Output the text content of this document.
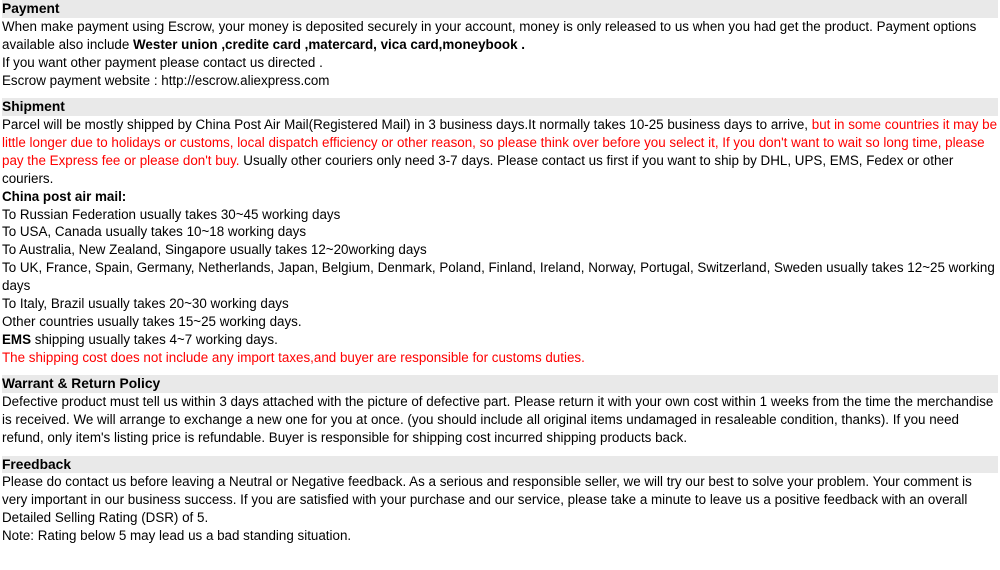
Payment

When make payment using Escrow, your money is deposited securely in your account, money is only released to us when you had get the product. Payment options available also include Wester union ,credite card ,matercard, vica card,moneybook .

If you want other payment please contact us directed .

Escrow payment website : http://escrow.aliexpress.com

Shipment

Parcel will be mostly shipped by China Post Air Mail(Registered Mail) in 3 business days.It normally takes 10-25 business days to arrive, but in some countries it may be little longer due to holidays or customs, local dispatch efficiency or other reason, so please think over before you select it, If you don't want to wait so long time, please pay the Express fee or please don't buy. Usually other couriers only need 3-7 days. Please contact us first if you want to ship by DHL, UPS, EMS, Fedex or other couriers.

China post air mail:

To Russian Federation usually takes 30~45 working days

To USA, Canada usually takes 10~18 working days

To Australia, New Zealand, Singapore usually takes 12~20working days

To UK, France, Spain, Germany, Netherlands, Japan, Belgium, Denmark, Poland, Finland, Ireland, Norway, Portugal, Switzerland, Sweden usually takes 12~25 working days

To Italy, Brazil usually takes 20~30 working days

Other countries usually takes 15~25 working days.

EMS shipping usually takes 4~7 working days.

The shipping cost does not include any import taxes,and buyer are responsible for customs duties.

Warrant & Return Policy

Defective product must tell us within 3 days attached with the picture of defective part. Please return it with your own cost within 1 weeks from the time the merchandise is received. We will arrange to exchange a new one for you at once. (you should include all original items undamaged in resaleable condition, thanks). If you need refund, only item's listing price is refundable. Buyer is responsible for shipping cost incurred shipping products back.

Freedback

Please do contact us before leaving a Neutral or Negative feedback. As a serious and responsible seller, we will try our best to solve your problem. Your comment is very important in our business success. If you are satisfied with your purchase and our service, please take a minute to leave us a positive feedback with an overall Detailed Selling Rating (DSR) of 5.

Note: Rating below 5 may lead us a bad standing situation.
